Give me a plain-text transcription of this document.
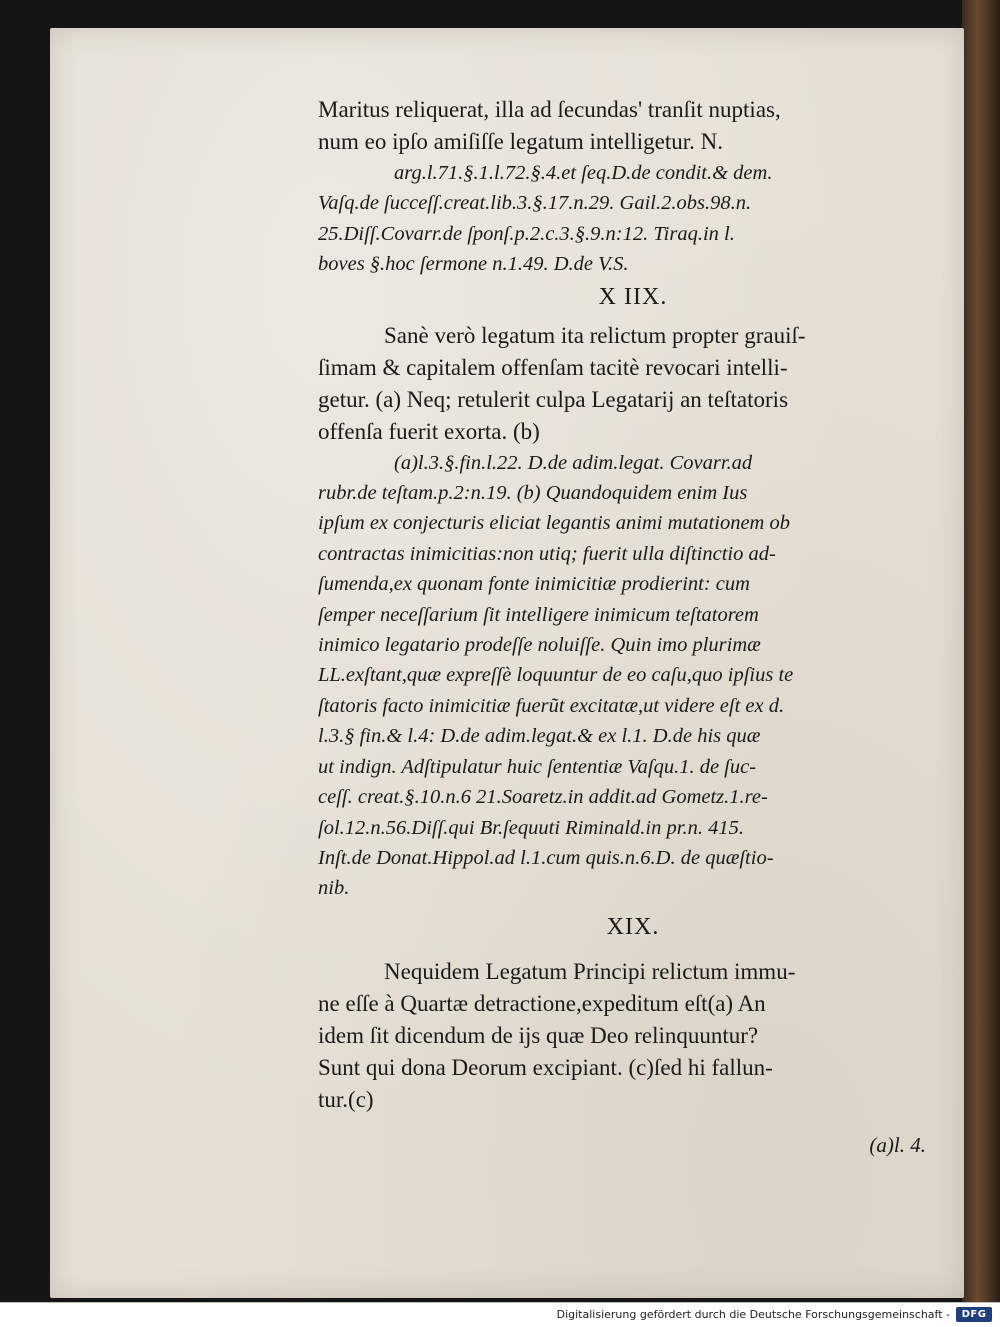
Maritus reliquerat, illa ad ſecundas' tranſit nuptias,
num eo ipſo amiſiſſe legatum intelligetur. N.
arg.l.71.§.1.l.72.§.4.et ſeq.D.de condit.& dem.
Vaſq.de ſucceſſ.creat.lib.3.§.17.n.29. Gail.2.obs.98.n.
25.Diſſ.Covarr.de ſponſ.p.2.c.3.§.9.n:12. Tiraq.in l.
boves §.hoc ſermone n.1.49. D.de V.S.
X IIX.
Sanè verò legatum ita relictum propter grauiſ-
ſimam & capitalem offenſam tacitè revocari intelli-
getur. (a) Neq; retulerit culpa Legatarij an teſtatoris
offenſa fuerit exorta. (b)
(a)l.3.§.fin.l.22. D.de adim.legat. Covarr.ad
rubr.de teſtam.p.2:n.19. (b) Quandoquidem enim Ius
ipſum ex conjecturis eliciat legantis animi mutationem ob
contractas inimicitias:non utiq; fuerit ulla diſtinctio ad-
ſumenda,ex quonam fonte inimicitiæ prodierint: cum
ſemper neceſſarium ſit intelligere inimicum teſtatorem
inimico legatario prodeſſe noluiſſe. Quin imo plurimæ
LL.exſtant,quæ expreſſè loquuntur de eo caſu,quo ipſius te
ſtatoris facto inimicitiæ fuerũt excitatæ,ut videre eſt ex d.
l.3.§ fin.& l.4: D.de adim.legat.& ex l.1. D.de his quæ
ut indign. Adſtipulatur huic ſententiæ Vaſqu.1. de ſuc-
ceſſ. creat.§.10.n.6 21.Soaretz.in addit.ad Gometz.1.re-
ſol.12.n.56.Diſſ.qui Br.ſequuti Riminald.in pr.n. 415.
Inſt.de Donat.Hippol.ad l.1.cum quis.n.6.D. de quæſtio-
nib.
XIX.
Nequidem Legatum Principi relictum immu-
ne eſſe à Quartæ detractione,expeditum eſt(a) An
idem ſit dicendum de ijs quæ Deo relinquuntur?
Sunt qui dona Deorum excipiant. (c)ſed hi fallun-
tur.(c)
(a)l. 4.
Digitalisierung gefördert durch die Deutsche Forschungsgemeinschaft -	DFG
